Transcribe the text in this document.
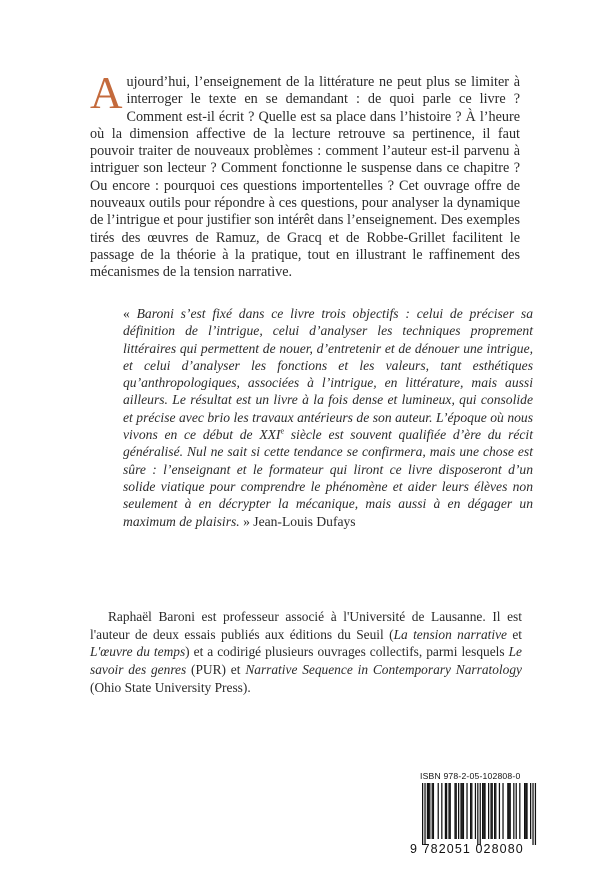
A ujourd’hui, l’enseignement de la littérature ne peut plus se limiter à interroger le texte en se demandant : de quoi parle ce livre ? Comment est-il écrit ? Quelle est sa place dans l’histoire ? À l’heure où la dimension affective de la lecture retrouve sa pertinence, il faut pouvoir traiter de nouveaux problèmes : comment l’auteur est-il parvenu à intriguer son lecteur ? Comment fonctionne le suspense dans ce chapitre ? Ou encore : pourquoi ces questions importentelles ? Cet ouvrage offre de nouveaux outils pour répondre à ces questions, pour analyser la dynamique de l’intrigue et pour justifier son intérêt dans l’enseignement. Des exemples tirés des œuvres de Ramuz, de Gracq et de Robbe-Grillet facilitent le passage de la théorie à la pratique, tout en illustrant le raffinement des mécanismes de la tension narrative.

« Baroni s’est fixé dans ce livre trois objectifs : celui de préciser sa définition de l’intrigue, celui d’analyser les techniques proprement littéraires qui permettent de nouer, d’entretenir et de dénouer une intrigue, et celui d’analyser les fonctions et les valeurs, tant esthétiques qu’anthropologiques, associées à l’intrigue, en littérature, mais aussi ailleurs. Le résultat est un livre à la fois dense et lumineux, qui consolide et précise avec brio les travaux antérieurs de son auteur. L’époque où nous vivons en ce début de XXIe siècle est souvent qualifiée d’ère du récit généralisé. Nul ne sait si cette tendance se confirmera, mais une chose est sûre : l’enseignant et le formateur qui liront ce livre disposeront d’un solide viatique pour comprendre le phénomène et aider leurs élèves non seulement à en décrypter la mécanique, mais aussi à en dégager un maximum de plaisirs. » Jean-Louis Dufays

Raphaël Baroni est professeur associé à l'Université de Lausanne. Il est l'auteur de deux essais publiés aux éditions du Seuil (La tension narrative et L'œuvre du temps) et a codirigé plusieurs ouvrages collectifs, parmi lesquels Le savoir des genres (PUR) et Narrative Sequence in Contemporary Narratology (Ohio State University Press).

ISBN 978-2-05-102808-0
9 782051 028080
